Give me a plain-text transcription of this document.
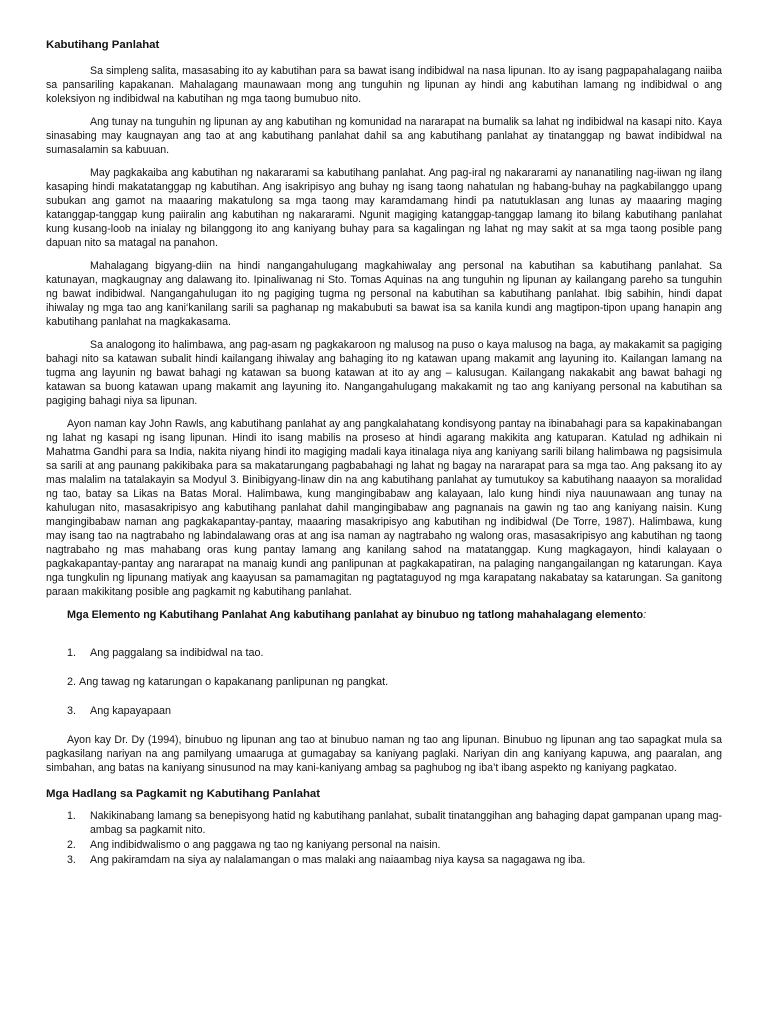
Kabutihang Panlahat

Sa simpleng salita, masasabing ito ay kabutihan para sa bawat isang indibidwal na nasa lipunan. Ito ay isang pagpapahalagang naiiba sa pansariling kapakanan. Mahalagang maunawaan mong ang tunguhin ng lipunan ay hindi ang kabutihan lamang ng indibidwal o ang koleksiyon ng indibidwal na kabutihan ng mga taong bumubuo nito.

Ang tunay na tunguhin ng lipunan ay ang kabutihan ng komunidad na nararapat na bumalik sa lahat ng indibidwal na kasapi nito. Kaya sinasabing may kaugnayan ang tao at ang kabutihang panlahat dahil sa ang kabutihang panlahat ay tinatanggap ng bawat indibidwal na sumasalamin sa kabuuan.

May pagkakaiba ang kabutihan ng nakararami sa kabutihang panlahat. Ang pag-iral ng nakararami ay nananatiling nag-iiwan ng ilang kasaping hindi makatatanggap ng kabutihan. Ang isakripisyo ang buhay ng isang taong nahatulan ng habang-buhay na pagkabilanggo upang subukan ang gamot na maaaring makatulong sa mga taong may karamdamang hindi pa natutuklasan ang lunas ay maaaring maging katanggap-tanggap kung paiiralin ang kabutihan ng nakararami. Ngunit magiging katanggap-tanggap lamang ito bilang kabutihang panlahat kung kusang-loob na inialay ng bilanggong ito ang kaniyang buhay para sa kagalingan ng lahat ng may sakit at sa mga taong posible pang dapuan nito sa matagal na panahon.

Mahalagang bigyang-diin na hindi nangangahulugang magkahiwalay ang personal na kabutihan sa kabutihang panlahat. Sa katunayan, magkaugnay ang dalawang ito. Ipinaliwanag ni Sto. Tomas Aquinas na ang tunguhin ng lipunan ay kailangang pareho sa tunguhin ng bawat indibidwal. Nangangahulugan ito ng pagiging tugma ng personal na kabutihan sa kabutihang panlahat. Ibig sabihin, hindi dapat ihiwalay ng mga tao ang kani‘kanilang sarili sa paghanap ng makabubuti sa bawat isa sa kanila kundi ang magtipon-tipon upang hanapin ang kabutihang panlahat na magkakasama.

Sa analogong ito halimbawa, ang pag-asam ng pagkakaroon ng malusog na puso o kaya malusog na baga, ay makakamit sa pagiging bahagi nito sa katawan subalit hindi kailangang ihiwalay ang bahaging ito ng katawan upang makamit ang layuning ito. Kailangan lamang na tugma ang layunin ng bawat bahagi ng katawan sa buong katawan at ito ay ang – kalusugan. Kailangang nakakabit ang bawat bahagi ng katawan sa buong katawan upang makamit ang layuning ito. Nangangahulugang makakamit ng tao ang kaniyang personal na kabutihan sa pagiging bahagi niya sa lipunan.

Ayon naman kay John Rawls, ang kabutihang panlahat ay ang pangkalahatang kondisyong pantay na ibinabahagi para sa kapakinabangan ng lahat ng kasapi ng isang lipunan. Hindi ito isang mabilis na proseso at hindi agarang makikita ang katuparan. Katulad ng adhikain ni Mahatma Gandhi para sa India, nakita niyang hindi ito magiging madali kaya itinalaga niya ang kaniyang sarili bilang halimbawa ng pagsisimula sa sarili at ang paunang pakikibaka para sa makatarungang pagbabahagi ng lahat ng bagay na nararapat para sa mga tao. Ang paksang ito ay mas malalim na tatalakayin sa Modyul 3. Binibigyang-linaw din na ang kabutihang panlahat ay tumutukoy sa kabutihang naaayon sa moralidad ng tao, batay sa Likas na Batas Moral. Halimbawa, kung mangingibabaw ang kalayaan, lalo kung hindi niya nauunawaan ang tunay na kahulugan nito, masasakripisyo ang kabutihang panlahat dahil mangingibabaw ang pagnanais na gawin ng tao ang kaniyang naisin. Kung mangingibabaw naman ang pagkakapantay-pantay, maaaring masakripisyo ang kabutihan ng indibidwal (De Torre, 1987). Halimbawa, kung may isang tao na nagtrabaho ng labindalawang oras at ang isa naman ay nagtrabaho ng walong oras, masasakripisyo ang kabutihan ng taong nagtrabaho ng mas mahabang oras kung pantay lamang ang kanilang sahod na matatanggap. Kung magkagayon, hindi kalayaan o pagkakapantay-pantay ang nararapat na manaig kundi ang panlipunan at pagkakapatiran, na palaging nangangailangan ng katarungan. Kaya nga tungkulin ng lipunang matiyak ang kaayusan sa pamamagitan ng pagtataguyod ng mga karapatang nakabatay sa katarungan. Sa ganitong paraan makikitang posible ang pagkamit ng kabutihang panlahat.

Mga Elemento ng Kabutihang Panlahat Ang kabutihang panlahat ay binubuo ng tatlong mahahalagang elemento:

1. Ang paggalang sa indibidwal na tao.
2. Ang tawag ng katarungan o kapakanang panlipunan ng pangkat.
3. Ang kapayapaan

Ayon kay Dr. Dy (1994), binubuo ng lipunan ang tao at binubuo naman ng tao ang lipunan. Binubuo ng lipunan ang tao sapagkat mula sa pagkasilang nariyan na ang pamilyang umaaruga at gumagabay sa kaniyang paglaki. Nariyan din ang kaniyang kapuwa, ang paaralan, ang simbahan, ang batas na kaniyang sinusunod na may kani-kaniyang ambag sa paghubog ng iba’t ibang aspekto ng kaniyang pagkatao.

Mga Hadlang sa Pagkamit ng Kabutihang Panlahat
1.	Nakikinabang lamang sa benepisyong hatid ng kabutihang panlahat, subalit tinatanggihan ang bahaging dapat gampanan upang mag-ambag sa pagkamit nito.
2.	Ang indibidwalismo o ang paggawa ng tao ng kaniyang personal na naisin.
3.	Ang pakiramdam na siya ay nalalamangan o mas malaki ang naiaambag niya kaysa sa nagagawa ng iba.
